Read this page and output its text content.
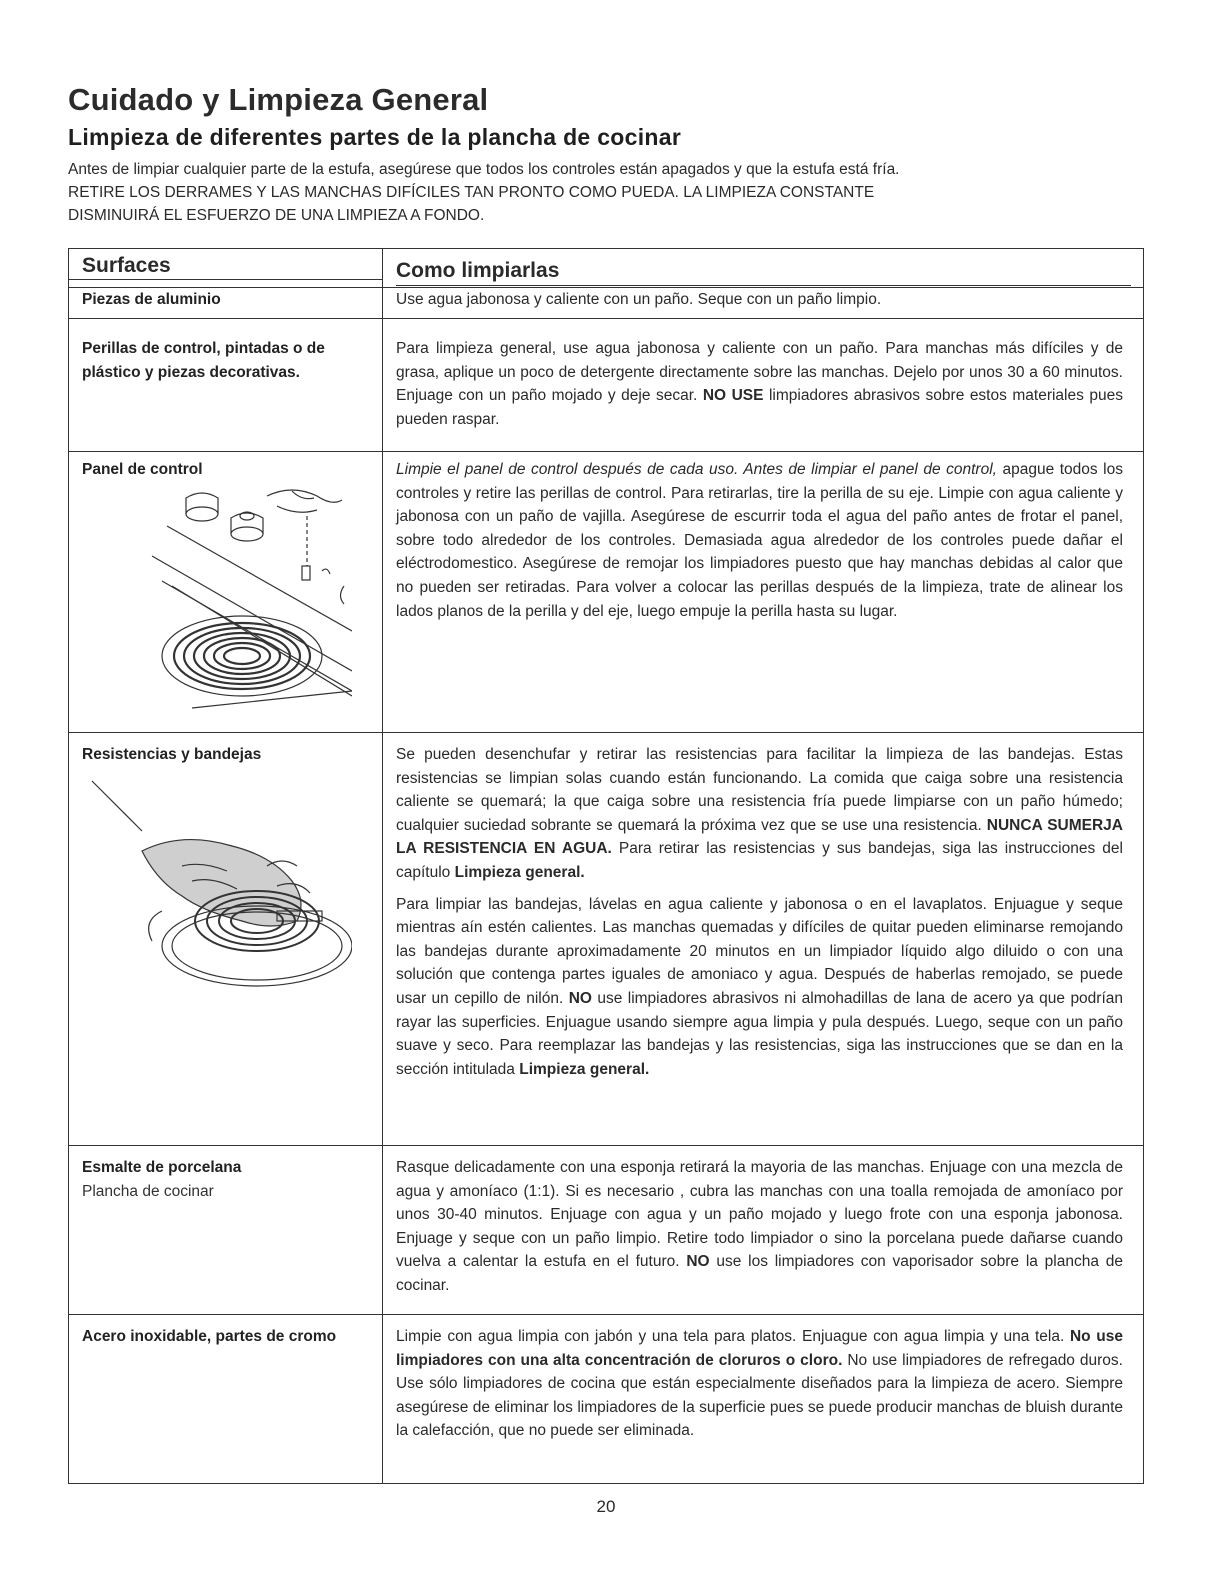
Cuidado y Limpieza General
Limpieza de diferentes partes de la plancha de cocinar

Antes de limpiar cualquier parte de la estufa, asegúrese que todos los controles están apagados y que la estufa está fría.

RETIRE LOS DERRAMES Y LAS MANCHAS DIFÍCILES TAN PRONTO COMO PUEDA. LA LIMPIEZA CONSTANTE

DISMINUIRÁ EL ESFUERZO DE UNA LIMPIEZA A FONDO.

Surfaces	Como limpiarlas

Piezas de aluminio	Use agua jabonosa y caliente con un paño. Seque con un paño limpio.

Perillas de control, pintadas o de plástico y piezas decorativas.	Para limpieza general, use agua jabonosa y caliente con un paño. Para manchas más difíciles y de grasa, aplique un poco de detergente directamente sobre las manchas. Dejelo por unos 30 a 60 minutos. Enjuage con un paño mojado y deje secar. NO USE limpiadores abrasivos sobre estos materiales pues pueden raspar.

Panel de control	Limpie el panel de control después de cada uso. Antes de limpiar el panel de control, apague todos los controles y retire las perillas de control. Para retirarlas, tire la perilla de su eje. Limpie con agua caliente y jabonosa con un paño de vajilla. Asegúrese de escurrir toda el agua del paño antes de frotar el panel, sobre todo alrededor de los controles. Demasiada agua alrededor de los controles puede dañar el eléctrodomestico. Asegúrese de remojar los limpiadores puesto que hay manchas debidas al calor que no pueden ser retiradas. Para volver a colocar las perillas después de la limpieza, trate de alinear los lados planos de la perilla y del eje, luego empuje la perilla hasta su lugar.

Resistencias y bandejas	Se pueden desenchufar y retirar las resistencias para facilitar la limpieza de las bandejas. Estas resistencias se limpian solas cuando están funcionando. La comida que caiga sobre una resistencia caliente se quemará; la que caiga sobre una resistencia fría puede limpiarse con un paño húmedo; cualquier suciedad sobrante se quemará la próxima vez que se use una resistencia. NUNCA SUMERJA LA RESISTENCIA EN AGUA. Para retirar las resistencias y sus bandejas, siga las instrucciones del capítulo Limpieza general.

Para limpiar las bandejas, lávelas en agua caliente y jabonosa o en el lavaplatos. Enjuague y seque mientras aín estén calientes. Las manchas quemadas y difíciles de quitar pueden eliminarse remojando las bandejas durante aproximadamente 20 minutos en un limpiador líquido algo diluido o con una solución que contenga partes iguales de amoniaco y agua. Después de haberlas remojado, se puede usar un cepillo de nilón. NO use limpiadores abrasivos ni almohadillas de lana de acero ya que podrían rayar las superficies. Enjuague usando siempre agua limpia y pula después. Luego, seque con un paño suave y seco. Para reemplazar las bandejas y las resistencias, siga las instrucciones que se dan en la sección intitulada Limpieza general.

Esmalte de porcelana
Plancha de cocinar	Rasque delicadamente con una esponja retirará la mayoria de las manchas. Enjuage con una mezcla de agua y amoníaco (1:1). Si es necesario , cubra las manchas con una toalla remojada de amoníaco por unos 30-40 minutos. Enjuage con agua y un paño mojado y luego frote con una esponja jabonosa. Enjuage y seque con un paño limpio. Retire todo limpiador o sino la porcelana puede dañarse cuando vuelva a calentar la estufa en el futuro. NO use los limpiadores con vaporisador sobre la plancha de cocinar.

Acero inoxidable, partes de cromo	Limpie con agua limpia con jabón y una tela para platos. Enjuague con agua limpia y una tela. No use limpiadores con una alta concentración de cloruros o cloro. No use limpiadores de refregado duros. Use sólo limpiadores de cocina que están especialmente diseñados para la limpieza de acero. Siempre asegúrese de eliminar los limpiadores de la superficie pues se puede producir manchas de bluish durante la calefacción, que no puede ser eliminada.
20
